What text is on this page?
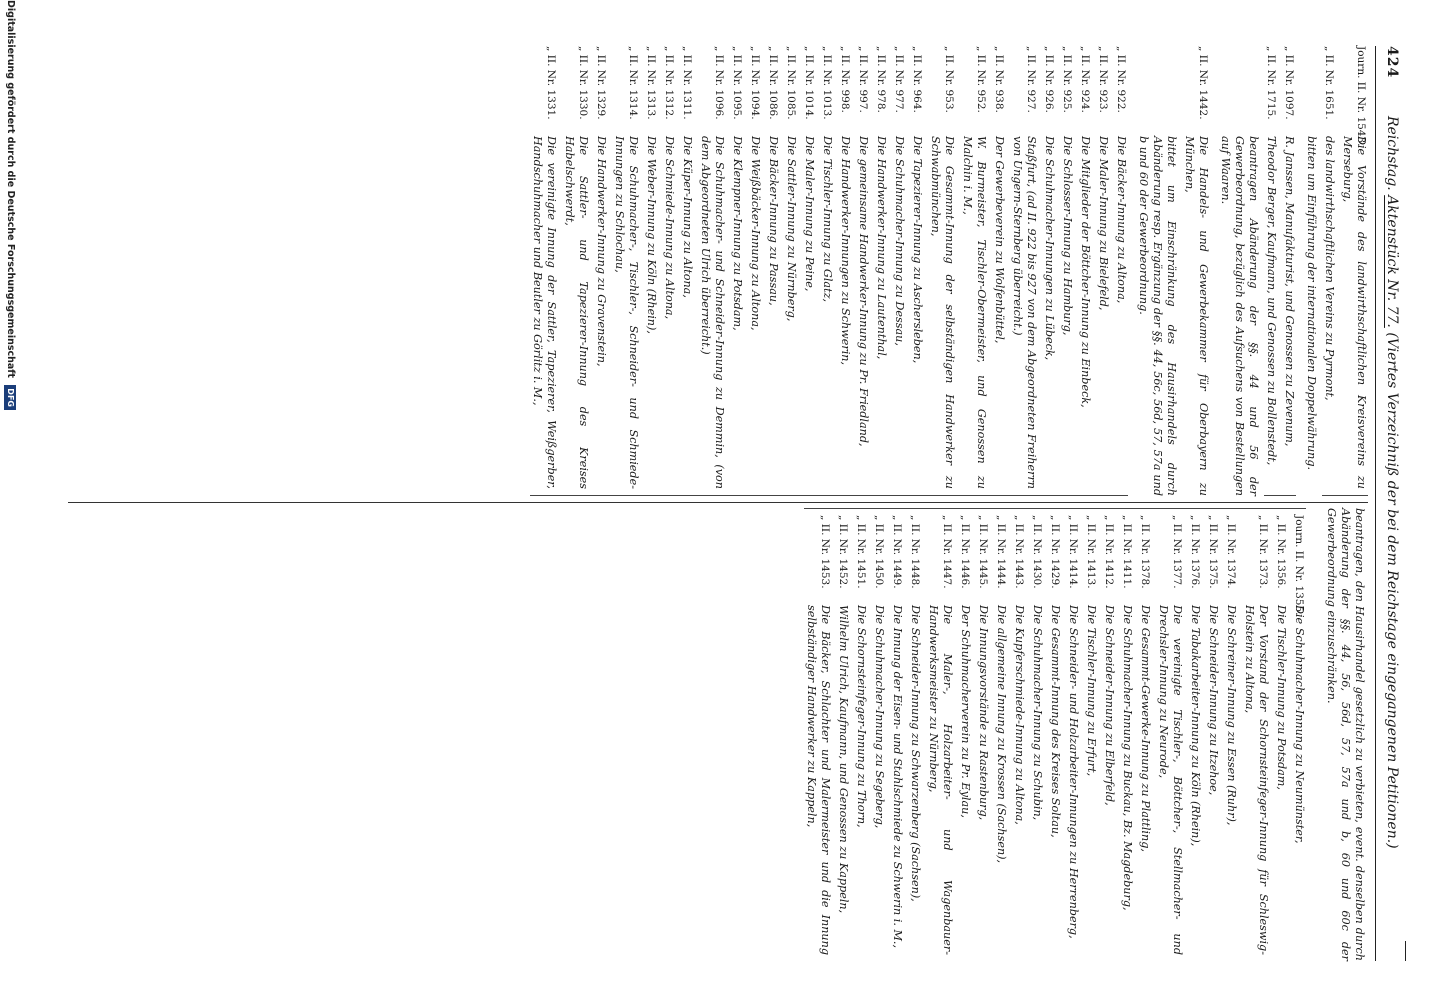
424
Reichstag. Aktenstück Nr. 77. (Viertes Verzeichniß der bei dem Reichstage eingegangenen Petitionen.)
Journ. II. Nr. 1543.
Die Vorstände des landwirthschaftlichen Kreisvereins zu Merseburg,
„ II. Nr. 1651.
des landwirthschaftlichen Vereins zu Pyrmont,
bitten um Einführung der internationalen Doppelwährung.
„ II. Nr. 1097.
R. Janssen, Manufakturist, und Genossen zu Zevenum,
„ II. Nr. 1715.
Theodor Berger, Kaufmann, und Genossen zu Bollenstedt,
beantragen Abänderung der §§. 44 und 56 der Gewerbeordnung, bezüglich des Aufsuchens von Bestellungen auf Waaren.
„ II. Nr. 1442.
Die Handels- und Gewerbekammer für Oberbayern zu München,
bittet um Einschränkung des Hausirhandels durch Abänderung resp. Ergänzung der §§. 44, 56c, 56d, 57, 57a und b und 60 der Gewerbeordnung.
„ II. Nr. 922.
Die Bäcker-Innung zu Altona,
„ II. Nr. 923.
Die Maler-Innung zu Bielefeld,
„ II. Nr. 924.
Die Mitglieder der Böttcher-Innung zu Einbeck,
„ II. Nr. 925.
Die Schlosser-Innung zu Hamburg,
„ II. Nr. 926.
Die Schuhmacher-Innungen zu Lübeck,
„ II. Nr. 927.
Staßfurt, (ad II. 922 bis 927 von dem Abgeordneten Freiherrn von Ungern-Sternberg überreicht.)
„ II. Nr. 938.
Der Gewerbeverein zu Wolfenbüttel,
„ II. Nr. 952.
W. Burmeister, Tischler-Obermeister, und Genossen zu Malchin i. M.,
„ II. Nr. 953.
Die Gesammt-Innung der selbständigen Handwerker zu Schwabmünchen,
„ II. Nr. 964.
Die Tapezierer-Innung zu Aschersleben,
„ II. Nr. 977.
Die Schuhmacher-Innung zu Dessau,
„ II. Nr. 978.
Die Handwerker-Innung zu Lautenthal,
„ II. Nr. 997.
Die gemeinsame Handwerker-Innung zu Pr. Friedland,
„ II. Nr. 998.
Die Handwerker-Innungen zu Schwerin,
„ II. Nr. 1013.
Die Tischler-Innung zu Glatz,
„ II. Nr. 1014.
Die Maler-Innung zu Peine,
„ II. Nr. 1085.
Die Sattler-Innung zu Nürnberg,
„ II. Nr. 1086.
Die Bäcker-Innung zu Passau,
„ II. Nr. 1094.
Die Weißbäcker-Innung zu Altona,
„ II. Nr. 1095.
Die Klempner-Innung zu Potsdam,
„ II. Nr. 1096.
Die Schuhmacher- und Schneider-Innung zu Demmin, (von dem Abgeordneten Ulrich überreicht.)
„ II. Nr. 1311.
Die Küper-Innung zu Altona,
„ II. Nr. 1312.
Die Schmiede-Innung zu Altona,
„ II. Nr. 1313.
Die Weber-Innung zu Köln (Rhein),
„ II. Nr. 1314.
Die Schuhmacher-, Tischler-, Schneider- und Schmiede-Innungen zu Schlochau,
„ II. Nr. 1329.
Die Handwerker-Innung zu Gravenstein,
„ II. Nr. 1330.
Die Sattler- und Tapezierer-Innung des Kreises Habelschwerdt,
„ II. Nr. 1331.
Die vereinigte Innung der Sattler, Tapezierer, Weißgerber, Handschuhmacher und Beutler zu Görlitz i. M.,
beantragen, den Hausirhandel gesetzlich zu verbieten, event. denselben durch Abänderung der §§. 44, 56, 56d, 57, 57a und b, 60 und 60c der Gewerbeordnung einzuschränken.
Journ. II. Nr. 1355.
Die Schuhmacher-Innung zu Neumünster,
„ II. Nr. 1356.
Die Tischler-Innung zu Potsdam,
„ II. Nr. 1373.
Der Vorstand der Schornsteinfeger-Innung für Schleswig-Holstein zu Altona,
„ II. Nr. 1374.
Die Schreiner-Innung zu Essen (Ruhr),
„ II. Nr. 1375.
Die Schneider-Innung zu Itzehoe,
„ II. Nr. 1376.
Die Tabakarbeiter-Innung zu Köln (Rhein),
„ II. Nr. 1377.
Die vereinigte Tischler-, Böttcher-, Stellmacher- und Drechsler-Innung zu Neurode,
„ II. Nr. 1378.
Die Gesammt-Gewerke-Innung zu Plattling,
„ II. Nr. 1411.
Die Schuhmacher-Innung zu Buckau, Bz. Magdeburg,
„ II. Nr. 1412.
Die Schneider-Innung zu Elberfeld,
„ II. Nr. 1413.
Die Tischler-Innung zu Erfurt,
„ II. Nr. 1414.
Die Schneider- und Holzarbeiter-Innungen zu Herrenberg,
„ II. Nr. 1429.
Die Gesammt-Innung des Kreises Soltau,
„ II. Nr. 1430.
Die Schuhmacher-Innung zu Schubin,
„ II. Nr. 1443.
Die Kupferschmiede-Innung zu Altona,
„ II. Nr. 1444.
Die allgemeine Innung zu Krossen (Sachsen),
„ II. Nr. 1445.
Die Innungsvorstände zu Rastenburg,
„ II. Nr. 1446.
Der Schuhmacherverein zu Pr. Eylau,
„ II. Nr. 1447.
Die Maler-, Holzarbeiter- und Wagenbauer-Handwerksmeister zu Nürnberg,
„ II. Nr. 1448.
Die Schneider-Innung zu Schwarzenberg (Sachsen),
„ II. Nr. 1449.
Die Innung der Eisen- und Stahlschmiede zu Schwerin i. M.,
„ II. Nr. 1450.
Die Schuhmacher-Innung zu Segeberg,
„ II. Nr. 1451.
Die Schornsteinfeger-Innung zu Thorn,
„ II. Nr. 1452.
Wilhelm Ulrich, Kaufmann, und Genossen zu Kappeln,
„ II. Nr. 1453.
Die Bäcker, Schlachter und Malermeister und die Innung selbständiger Handwerker zu Kappeln,
Digitalisierung gefördert durch die Deutsche Forschungsgemeinschaft DFG
